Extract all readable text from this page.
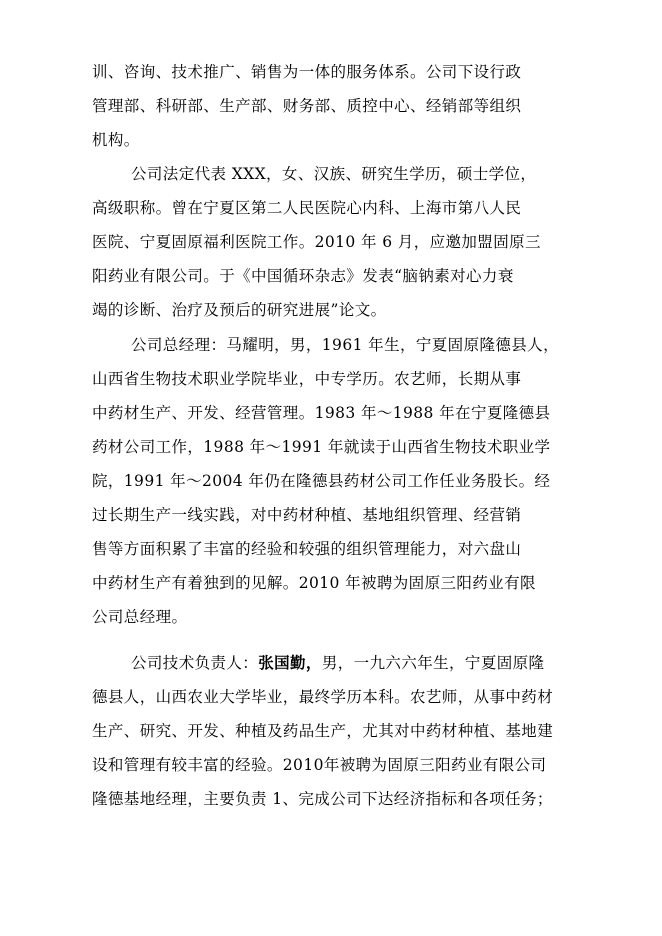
训、咨询、技术推广、销售为一体的服务体系。公司下设行政
管理部、科研部、生产部、财务部、质控中心、经销部等组织
机构。
公司法定代表 XXX，女、汉族、研究生学历，硕士学位，
高级职称。曾在宁夏区第二人民医院心内科、上海市第八人民
医院、宁夏固原福利医院工作。2010 年 6 月，应邀加盟固原三
阳药业有限公司。于《中国循环杂志》发表“脑钠素对心力衰
竭的诊断、治疗及预后的研究进展”论文。
公司总经理：马耀明，男，1961 年生，宁夏固原隆德县人，
山西省生物技术职业学院毕业，中专学历。农艺师，长期从事
中药材生产、开发、经营管理。1983 年～1988 年在宁夏隆德县
药材公司工作，1988 年～1991 年就读于山西省生物技术职业学
院，1991 年～2004 年仍在隆德县药材公司工作任业务股长。经
过长期生产一线实践，对中药材种植、基地组织管理、经营销
售等方面积累了丰富的经验和较强的组织管理能力，对六盘山
中药材生产有着独到的见解。2010 年被聘为固原三阳药业有限
公司总经理。
公司技术负责人：张国勤，男，一九六六年生，宁夏固原隆
德县人，山西农业大学毕业，最终学历本科。农艺师，从事中药材
生产、研究、开发、种植及药品生产，尤其对中药材种植、基地建
设和管理有较丰富的经验。2010年被聘为固原三阳药业有限公司
隆德基地经理，主要负责 1、完成公司下达经济指标和各项任务；
